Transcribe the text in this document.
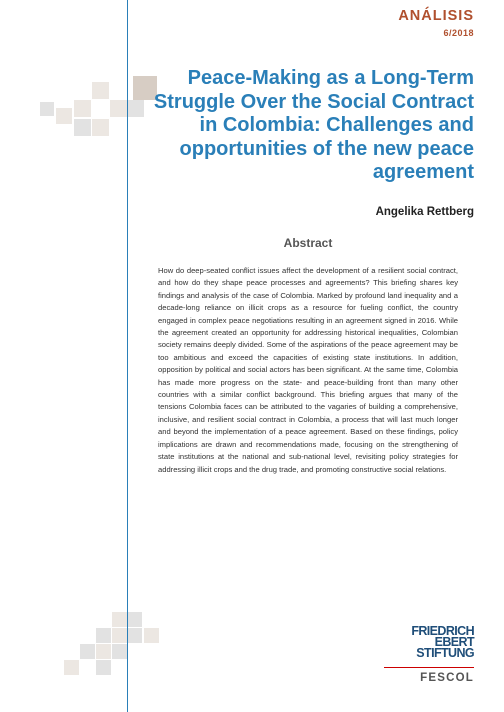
ANÁLISIS
6/2018
Peace-Making as a Long-Term Struggle Over the Social Contract in Colombia: Challenges and opportunities of the new peace agreement
Angelika Rettberg
Abstract

How do deep-seated conflict issues affect the development of a resilient social contract, and how do they shape peace processes and agreements? This briefing shares key findings and analysis of the case of Colombia. Marked by profound land inequality and a decade-long reliance on illicit crops as a resource for fueling conflict, the country engaged in complex peace negotiations resulting in an agreement signed in 2016. While the agreement created an opportunity for addressing historical inequalities, Colombian society remains deeply divided. Some of the aspirations of the peace agreement may be too ambitious and exceed the capacities of existing state institutions. In addition, opposition by political and social actors has been significant. At the same time, Colombia has made more progress on the state- and peace-building front than many other countries with a similar conflict background. This briefing argues that many of the tensions Colombia faces can be attributed to the vagaries of building a comprehensive, inclusive, and resilient social contract in Colombia, a process that will last much longer and beyond the implementation of a peace agreement. Based on these findings, policy implications are drawn and recommendations made, focusing on the strengthening of state institutions at the national and sub-national level, revisiting policy strategies for addressing illicit crops and the drug trade, and promoting constructive social relations.

FRIEDRICH
EBERT
STIFTUNG
FESCOL
